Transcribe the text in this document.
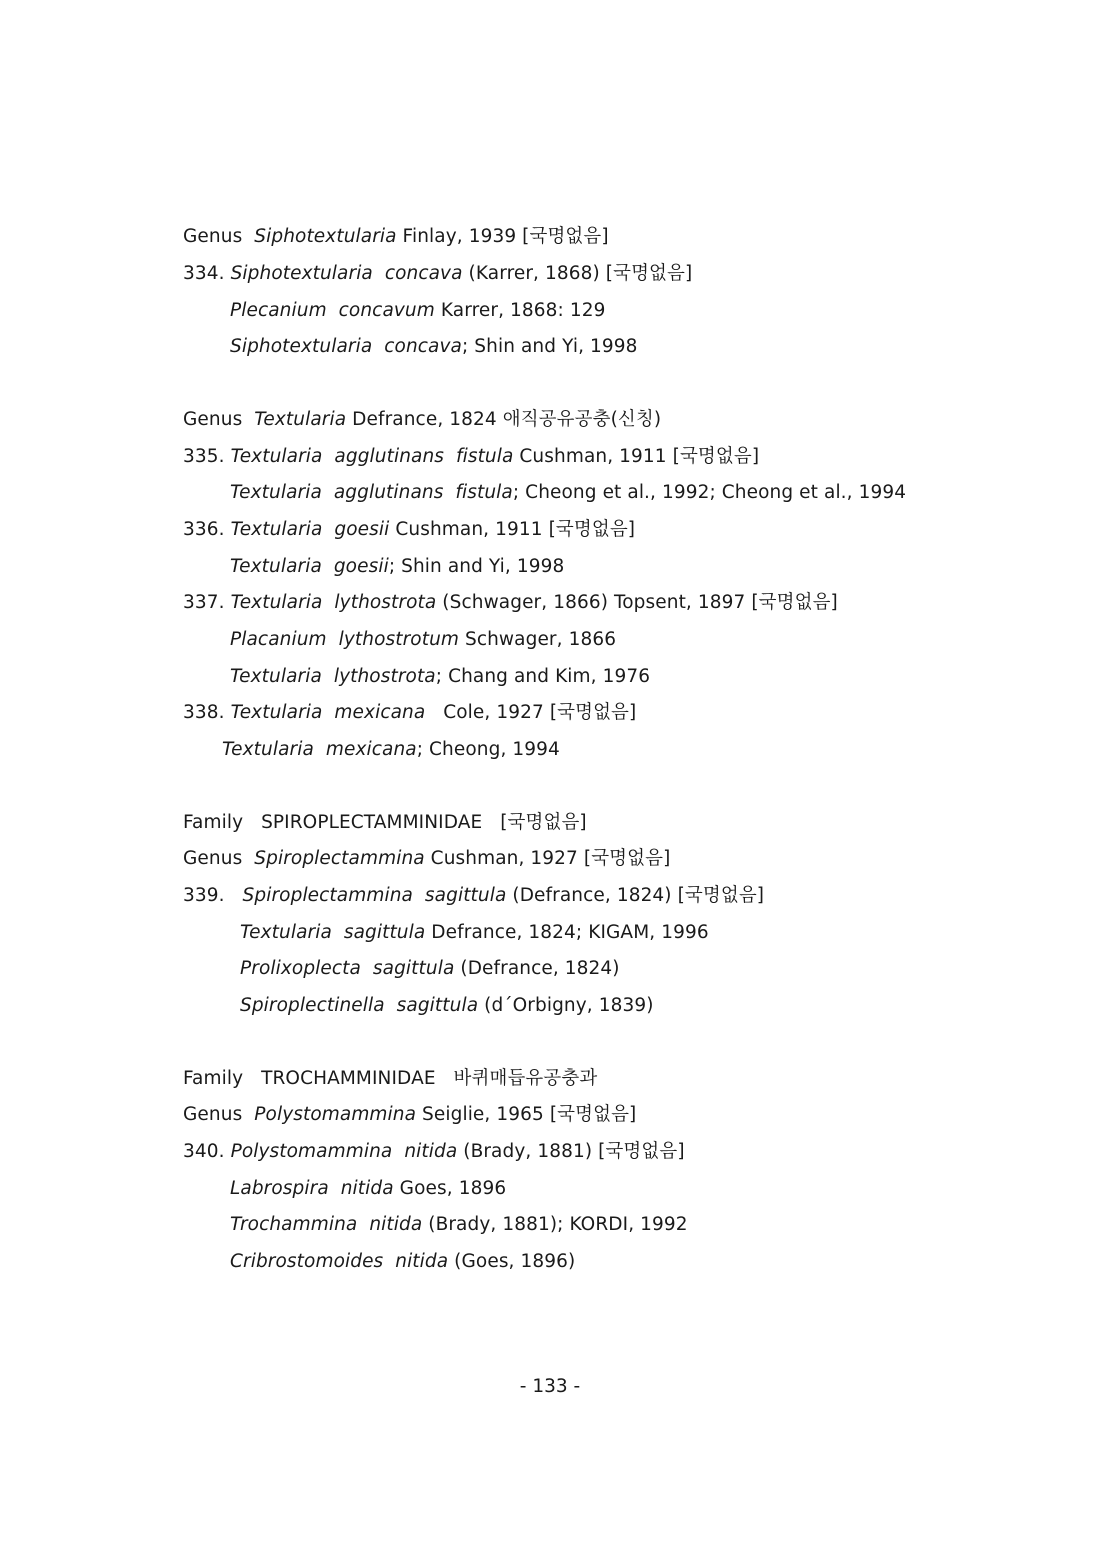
Genus  Siphotextularia Finlay, 1939 [국명없음]
334. Siphotextularia  concava (Karrer, 1868) [국명없음]
Plecanium  concavum Karrer, 1868: 129
Siphotextularia  concava; Shin and Yi, 1998
Genus  Textularia Defrance, 1824 애직공유공충(신칭)
335. Textularia  agglutinans  fistula Cushman, 1911 [국명없음]
Textularia  agglutinans  fistula; Cheong et al., 1992; Cheong et al., 1994
336. Textularia  goesii Cushman, 1911 [국명없음]
Textularia  goesii; Shin and Yi, 1998
337. Textularia  lythostrota (Schwager, 1866) Topsent, 1897 [국명없음]
Placanium  lythostrotum Schwager, 1866
Textularia  lythostrota; Chang and Kim, 1976
338. Textularia  mexicana   Cole, 1927 [국명없음]
Textularia  mexicana; Cheong, 1994
Family   SPIROPLECTAMMINIDAE   [국명없음]
Genus  Spiroplectammina Cushman, 1927 [국명없음]
339.   Spiroplectammina  sagittula (Defrance, 1824) [국명없음]
Textularia  sagittula Defrance, 1824; KIGAM, 1996
Prolixoplecta  sagittula (Defrance, 1824)
Spiroplectinella  sagittula (d´Orbigny, 1839)
Family   TROCHAMMINIDAE   바퀴매듭유공충과
Genus  Polystomammina Seiglie, 1965 [국명없음]
340. Polystomammina  nitida (Brady, 1881) [국명없음]
Labrospira  nitida Goes, 1896
Trochammina  nitida (Brady, 1881); KORDI, 1992
Cribrostomoides  nitida (Goes, 1896)
- 133 -
